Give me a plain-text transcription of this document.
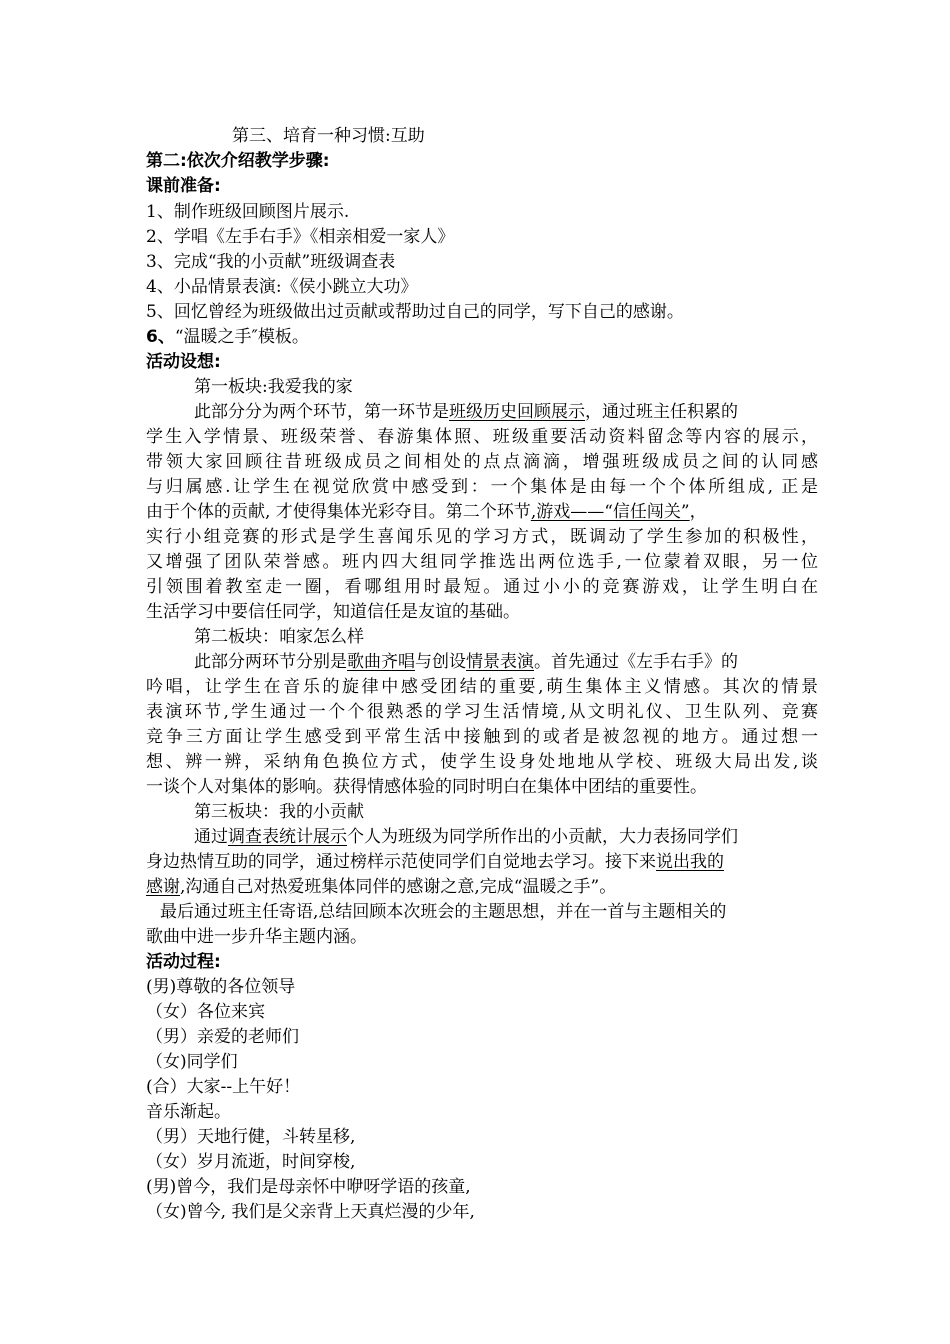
第三、培育一种习惯:互助

第二:依次介绍教学步骤:

课前准备:

1、制作班级回顾图片展示.

2、学唱《左手右手》《相亲相爱一家人》

3、完成“我的小贡献”班级调查表

4、小品情景表演:《侯小跳立大功》

5、回忆曾经为班级做出过贡献或帮助过自己的同学，写下自己的感谢。

6、“温暖之手″模板。

活动设想:

第一板块:我爱我的家

此部分分为两个环节，第一环节是班级历史回顾展示，通过班主任积累的

学生入学情景、班级荣誉、春游集体照、班级重要活动资料留念等内容的展示，

带领大家回顾往昔班级成员之间相处的点点滴滴，增强班级成员之间的认同感

与归属感.让学生在视觉欣赏中感受到：一个集体是由每一个个体所组成, 正是

由于个体的贡献, 才使得集体光彩夺目。第二个环节,游戏——“信任闯关”，

实行小组竞赛的形式是学生喜闻乐见的学习方式，既调动了学生参加的积极性，

又增强了团队荣誉感。班内四大组同学推选出两位选手,一位蒙着双眼，另一位

引领围着教室走一圈，看哪组用时最短。通过小小的竞赛游戏，让学生明白在

生活学习中要信任同学，知道信任是友谊的基础。

第二板块：咱家怎么样

此部分两环节分别是歌曲齐唱与创设情景表演。首先通过《左手右手》的

吟唱，让学生在音乐的旋律中感受团结的重要,萌生集体主义情感。其次的情景

表演环节,学生通过一个个很熟悉的学习生活情境,从文明礼仪、卫生队列、竞赛

竞争三方面让学生感受到平常生活中接触到的或者是被忽视的地方。通过想一

想、辨一辨，采纳角色换位方式，使学生设身处地地从学校、班级大局出发,谈

一谈个人对集体的影响。获得情感体验的同时明白在集体中团结的重要性。

第三板块：我的小贡献

通过调查表统计展示个人为班级为同学所作出的小贡献，大力表扬同学们

身边热情互助的同学，通过榜样示范使同学们自觉地去学习。接下来说出我的

感谢,沟通自己对热爱班集体同伴的感谢之意,完成“温暖之手”。

最后通过班主任寄语,总结回顾本次班会的主题思想，并在一首与主题相关的

歌曲中进一步升华主题内涵。

活动过程:

(男)尊敬的各位领导

（女）各位来宾

（男）亲爱的老师们

（女)同学们

(合）大家--上午好！

音乐渐起。

（男）天地行健，斗转星移,

（女）岁月流逝，时间穿梭,

(男)曾今，我们是母亲怀中咿呀学语的孩童,

（女)曾今, 我们是父亲背上天真烂漫的少年,
